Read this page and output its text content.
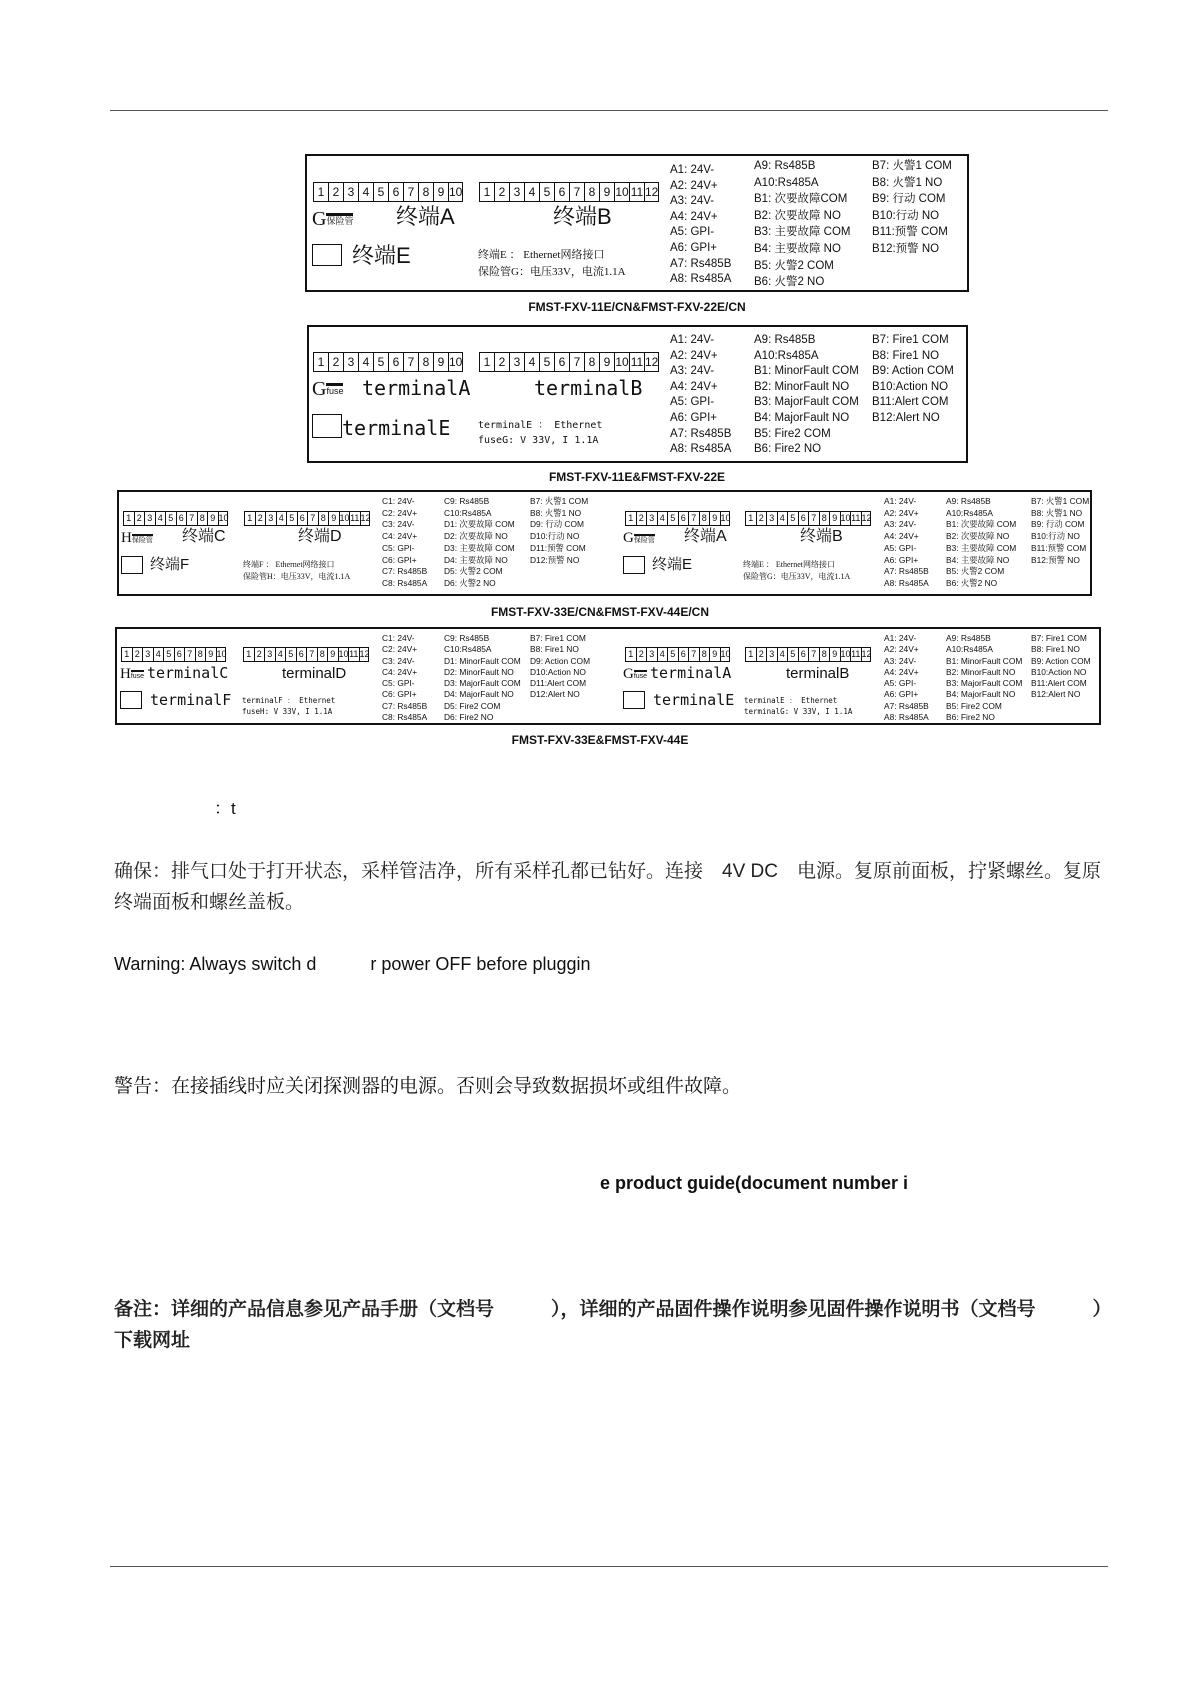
1 2 3 4 5 6 7 8 9 10	1 2 3 4 5 6 7 8 9 10 11 12
G 保险管 终端A	终端B
终端E	终端E ： Ethernet网络接口
保险管G：电压33V，电流1.1A
A1: 24V-
A2: 24V+
A3: 24V-
A4: 24V+
A5: GPI-
A6: GPI+
A7: Rs485B
A8: Rs485A
A9: Rs485B
A10:Rs485A
B1: 次要故障COM
B2: 次要故障 NO
B3: 主要故障 COM
B4: 主要故障 NO
B5: 火警2 COM
B6: 火警2 NO
B7: 火警1 COM
B8: 火警1 NO
B9: 行动 COM
B10:行动 NO
B11:预警 COM
B12:预警 NO
FMST-FXV-11E/CN&FMST-FXV-22E/CN
1 2 3 4 5 6 7 8 9 10	1 2 3 4 5 6 7 8 9 10 11 12
G fuse terminalA	terminalB
terminalE	terminalE ： Ethernet
fuseG: V 33V, I 1.1A
A1: 24V-
A2: 24V+
A3: 24V-
A4: 24V+
A5: GPI-
A6: GPI+
A7: Rs485B
A8: Rs485A
A9: Rs485B
A10:Rs485A
B1: MinorFault COM
B2: MinorFault NO
B3: MajorFault COM
B4: MajorFault NO
B5: Fire2 COM
B6: Fire2 NO
B7: Fire1 COM
B8: Fire1 NO
B9: Action COM
B10:Action NO
B11:Alert COM
B12:Alert NO
FMST-FXV-11E&FMST-FXV-22E
1 2 3 4 5 6 7 8 9 10	1 2 3 4 5 6 7 8 9 10 11 12
H 保险管 终端C	终端D
终端F	终端F ： Ethernet网络接口
保险管H：电压33V，电流1.1A
C1: 24V-
C2: 24V+
C3: 24V-
C4: 24V+
C5: GPI-
C6: GPI+
C7: Rs485B
C8: Rs485A
C9: Rs485B
C10:Rs485A
D1: 次要故障 COM
D2: 次要故障 NO
D3: 主要故障 COM
D4: 主要故障 NO
D5: 火警2 COM
D6: 火警2 NO
B7: 火警1 COM
B8: 火警1 NO
D9: 行动 COM
D10:行动 NO
D11:预警 COM
D12:预警 NO
1 2 3 4 5 6 7 8 9 10	1 2 3 4 5 6 7 8 9 10 11 12
G 保险管 终端A	终端B
终端E	终端E ： Ethernet网络接口
保险管G：电压33V，电流1.1A
A1: 24V-
A2: 24V+
A3: 24V-
A4: 24V+
A5: GPI-
A6: GPI+
A7: Rs485B
A8: Rs485A
A9: Rs485B
A10:Rs485A
B1: 次要故障 COM
B2: 次要故障 NO
B3: 主要故障 COM
B4: 主要故障 NO
B5: 火警2 COM
B6: 火警2 NO
B7: 火警1 COM
B8: 火警1 NO
B9: 行动 COM
B10:行动 NO
B11:预警 COM
B12:预警 NO
FMST-FXV-33E/CN&FMST-FXV-44E/CN
1 2 3 4 5 6 7 8 9 10	1 2 3 4 5 6 7 8 9 10 11 12
H fuse terminalC	terminalD
terminalF terminalF ： Ethernet
fuseH: V 33V, I 1.1A
C1: 24V-
C2: 24V+
C3: 24V-
C4: 24V+
C5: GPI-
C6: GPI+
C7: Rs485B
C8: Rs485A
C9: Rs485B
C10:Rs485A
D1: MinorFault COM
D2: MinorFault NO
D3: MajorFault COM
D4: MajorFault NO
D5: Fire2 COM
D6: Fire2 NO
B7: Fire1 COM
B8: Fire1 NO
D9: Action COM
D10:Action NO
D11:Alert COM
D12:Alert NO
1 2 3 4 5 6 7 8 9 10	1 2 3 4 5 6 7 8 9 10 11 12
G fuse terminalA	terminalB
terminalE terminalE ： Ethernet
terminalG: V 33V, I 1.1A
A1: 24V-
A2: 24V+
A3: 24V-
A4: 24V+
A5: GPI-
A6: GPI+
A7: Rs485B
A8: Rs485A
A9: Rs485B
A10:Rs485A
B1: MinorFault COM
B2: MinorFault NO
B3: MajorFault COM
B4: MajorFault NO
B5: Fire2 COM
B6: Fire2 NO
B7: Fire1 COM
B8: Fire1 NO
B9: Action COM
B10:Action NO
B11:Alert COM
B12:Alert NO
FMST-FXV-33E&FMST-FXV-44E
：t
确保：排气口处于打开状态，采样管洁净，所有采样孔都已钻好。连接　4V DC　电源。复原前面板，拧紧螺丝。复原终端面板和螺丝盖板。
Warning: Always switch d　　　r power OFF before pluggin
警告：在接插线时应关闭探测器的电源。否则会导致数据损坏或组件故障。
e product guide(document number i
备注：详细的产品信息参见产品手册（文档号　　　），详细的产品固件操作说明参见固件操作说明书（文档号　　　）下载网址
